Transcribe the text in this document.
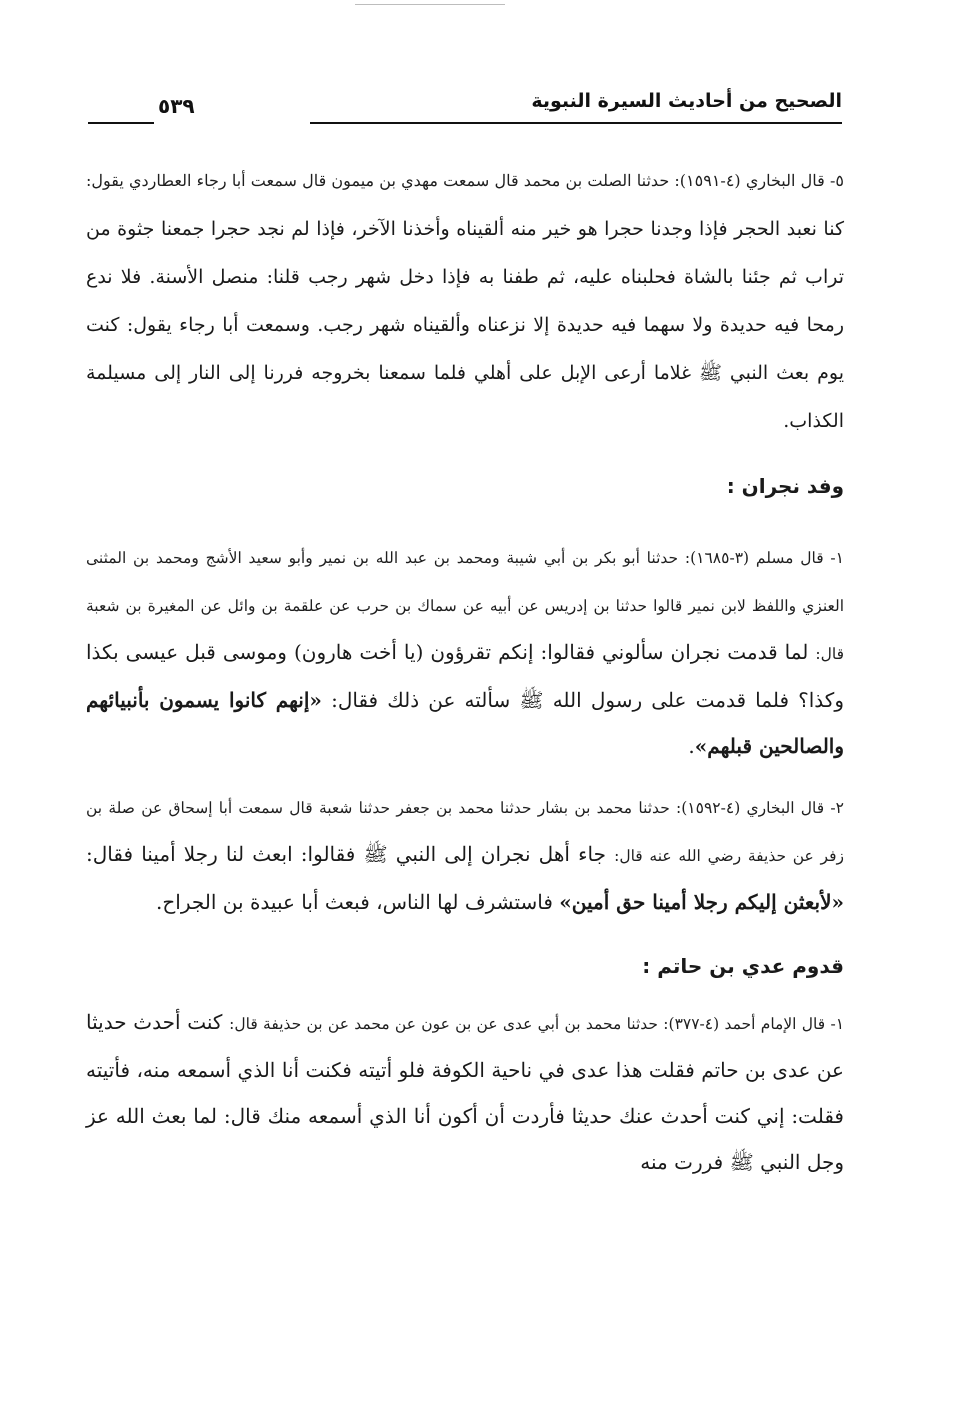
الصحيح من أحاديث السيرة النبوية
٥٣٩

٥- قال البخاري (٤-١٥٩١): حدثنا الصلت بن محمد قال سمعت مهدي بن ميمون قال سمعت أبا رجاء العطاردي يقول: كنا نعبد الحجر فإذا وجدنا حجرا هو خير منه ألقيناه وأخذنا الآخر، فإذا لم نجد حجرا جمعنا جثوة من تراب ثم جئنا بالشاة فحلبناه عليه، ثم طفنا به فإذا دخل شهر رجب قلنا: منصل الأسنة. فلا ندع رمحا فيه حديدة ولا سهما فيه حديدة إلا نزعناه وألقيناه شهر رجب. وسمعت أبا رجاء يقول: كنت يوم بعث النبي ﷺ غلاما أرعى الإبل على أهلي فلما سمعنا بخروجه فررنا إلى النار إلى مسيلمة الكذاب.

وفد نجران :

١- قال مسلم (٣-١٦٨٥): حدثنا أبو بكر بن أبي شيبة ومحمد بن عبد الله بن نمير وأبو سعيد الأشج ومحمد بن المثنى العنزي واللفظ لابن نمير قالوا حدثنا بن إدريس عن أبيه عن سماك بن حرب عن علقمة بن وائل عن المغيرة بن شعبة قال: لما قدمت نجران سألوني فقالوا: إنكم تقرؤون (يا أخت هارون) وموسى قبل عيسى بكذا وكذا؟ فلما قدمت على رسول الله ﷺ سألته عن ذلك فقال: «إنهم كانوا يسمون بأنبيائهم والصالحين قبلهم».

٢- قال البخاري (٤-١٥٩٢): حدثنا محمد بن بشار حدثنا محمد بن جعفر حدثنا شعبة قال سمعت أبا إسحاق عن صلة بن زفر عن حذيفة رضي الله عنه قال: جاء أهل نجران إلى النبي ﷺ فقالوا: ابعث لنا رجلا أمينا فقال: «لأبعثن إليكم رجلا أمينا حق أمين» فاستشرف لها الناس، فبعث أبا عبيدة بن الجراح.

قدوم عدي بن حاتم :

١- قال الإمام أحمد (٤-٣٧٧): حدثنا محمد بن أبي عدى عن بن عون عن محمد عن بن حذيفة قال: كنت أحدث حديثا عن عدى بن حاتم فقلت هذا عدى في ناحية الكوفة فلو أتيته فكنت أنا الذي أسمعه منه، فأتيته فقلت: إني كنت أحدث عنك حديثا فأردت أن أكون أنا الذي أسمعه منك قال: لما بعث الله عز وجل النبي ﷺ فررت منه
